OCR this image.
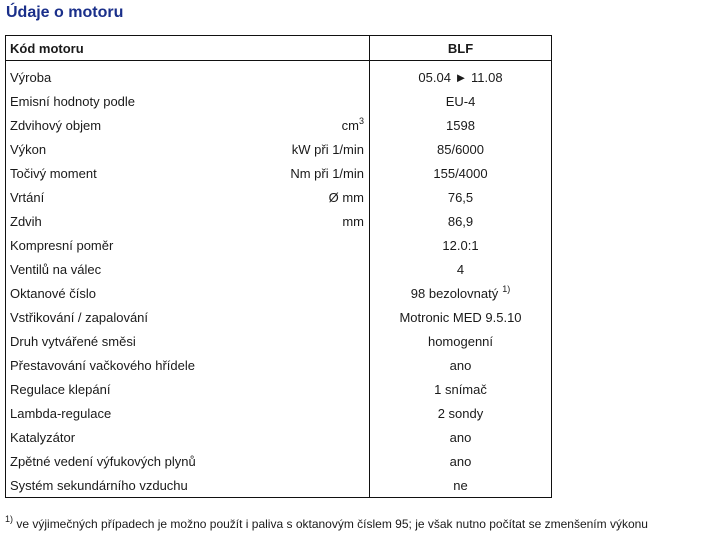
Údaje o motoru
Kód motoru		BLF
Výroba		05.04 ► 11.08
Emisní hodnoty podle		EU-4
Zdvihový objem	$cm^3$	1598
Výkon	kW při 1/min	85/6000
Točivý moment	Nm při 1/min	155/4000
Vrtání	Ø mm	76,5
Zdvih	mm	86,9
Kompresní poměr		12.0:1
Ventilů na válec		4
Oktanové číslo		98 bezolovnatý $^{1)}$
Vstřikování / zapalování		Motronic MED 9.5.10
Druh vytvářené směsi		homogenní
Přestavování vačkového hřídele		ano
Regulace klepání		1 snímač
Lambda-regulace		2 sondy
Katalyzátor		ano
Zpětné vedení výfukových plynů		ano
Systém sekundárního vzduchu		ne
$^{1)}$ ve výjimečných případech je možno použít i paliva s oktanovým číslem 95; je však nutno počítat se zmenšením výkonu
